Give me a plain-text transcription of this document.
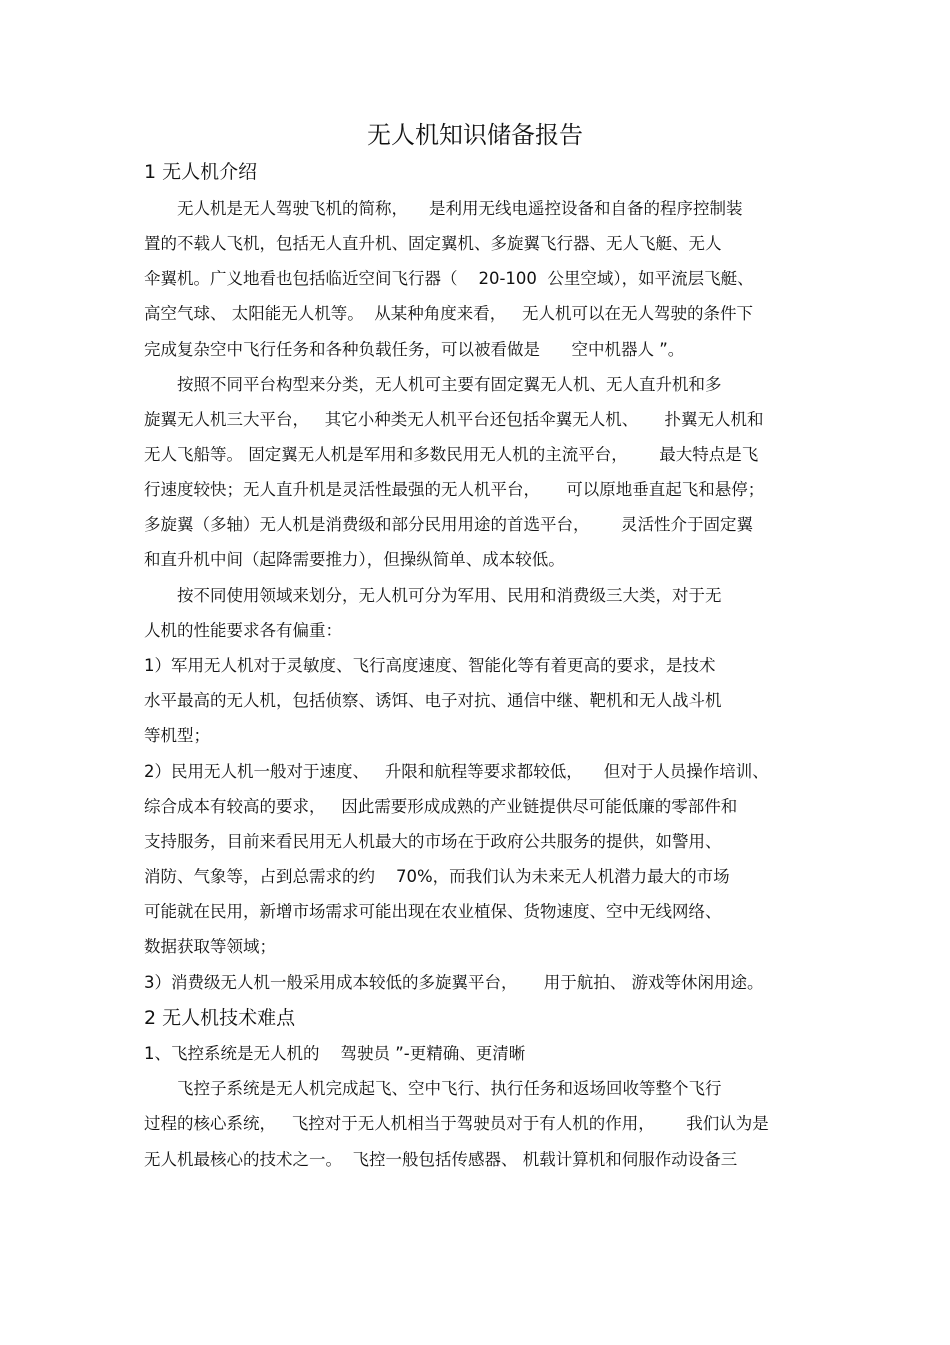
无人机知识储备报告
1 无人机介绍
无人机是无人驾驶飞机的简称，    是利用无线电遥控设备和自备的程序控制装
置的不载人飞机，包括无人直升机、固定翼机、多旋翼飞行器、无人飞艇、无人
伞翼机。广义地看也包括临近空间飞行器（    20-100  公里空域），如平流层飞艇、
高空气球、 太阳能无人机等。  从某种角度来看，   无人机可以在无人驾驶的条件下
完成复杂空中飞行任务和各种负载任务，可以被看做是      空中机器人 ”。
按照不同平台构型来分类，无人机可主要有固定翼无人机、无人直升机和多
旋翼无人机三大平台，   其它小种类无人机平台还包括伞翼无人机、     扑翼无人机和
无人飞船等。 固定翼无人机是军用和多数民用无人机的主流平台，      最大特点是飞
行速度较快；无人直升机是灵活性最强的无人机平台，     可以原地垂直起飞和悬停；
多旋翼（多轴）无人机是消费级和部分民用用途的首选平台，      灵活性介于固定翼
和直升机中间（起降需要推力），但操纵简单、成本较低。
按不同使用领域来划分，无人机可分为军用、民用和消费级三大类，对于无
人机的性能要求各有偏重：
1）军用无人机对于灵敏度、飞行高度速度、智能化等有着更高的要求，是技术
水平最高的无人机，包括侦察、诱饵、电子对抗、通信中继、靶机和无人战斗机
等机型；
2）民用无人机一般对于速度、   升限和航程等要求都较低，    但对于人员操作培训、
综合成本有较高的要求，   因此需要形成成熟的产业链提供尽可能低廉的零部件和
支持服务，目前来看民用无人机最大的市场在于政府公共服务的提供，如警用、
消防、气象等，占到总需求的约    70%，而我们认为未来无人机潜力最大的市场
可能就在民用，新增市场需求可能出现在农业植保、货物速度、空中无线网络、
数据获取等领域；
3）消费级无人机一般采用成本较低的多旋翼平台，     用于航拍、 游戏等休闲用途。
2 无人机技术难点
1、飞控系统是无人机的    驾驶员 ”-更精确、更清晰
飞控子系统是无人机完成起飞、空中飞行、执行任务和返场回收等整个飞行
过程的核心系统，   飞控对于无人机相当于驾驶员对于有人机的作用，      我们认为是
无人机最核心的技术之一。  飞控一般包括传感器、 机载计算机和伺服作动设备三
